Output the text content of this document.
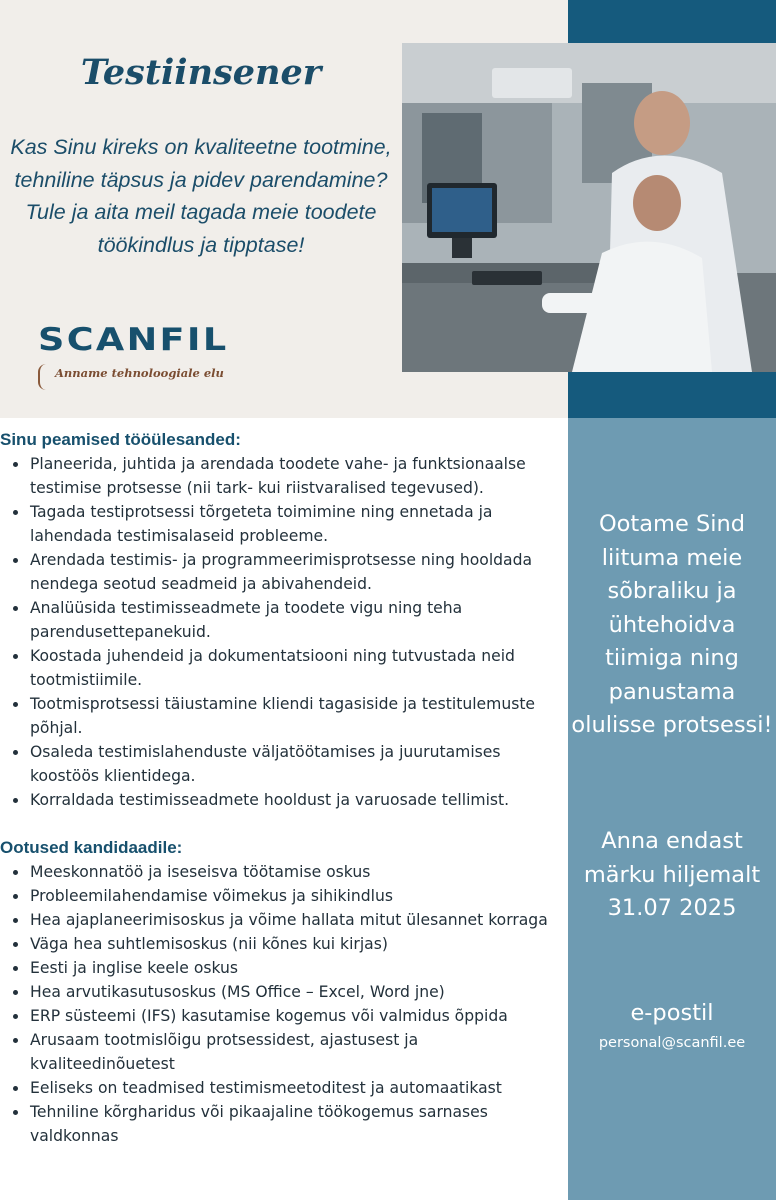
Testiinsener

Kas Sinu kireks on kvaliteetne tootmine, tehniline täpsus ja pidev parendamine? Tule ja aita meil tagada meie toodete töökindlus ja tipptase!

SCANFIL
Anname tehnoloogiale elu
Sinu peamised tööülesanded:
Planeerida, juhtida ja arendada toodete vahe- ja funktsionaalse testimise protsesse (nii tark- kui riistvaralised tegevused).
Tagada testiprotsessi tõrgeteta toimimine ning ennetada ja lahendada testimisalaseid probleeme.
Arendada testimis- ja programmeerimisprotsesse ning hooldada nendega seotud seadmeid ja abivahendeid.
Analüüsida testimisseadmete ja toodete vigu ning teha parendusettepanekuid.
Koostada juhendeid ja dokumentatsiooni ning tutvustada neid tootmistiimile.
Tootmisprotsessi täiustamine kliendi tagasiside ja testitulemuste põhjal.
Osaleda testimislahenduste väljatöötamises ja juurutamises koostöös klientidega.
Korraldada testimisseadmete hooldust ja varuosade tellimist.
Ootused kandidaadile:
Meeskonnatöö ja iseseisva töötamise oskus
Probleemilahendamise võimekus ja sihikindlus
Hea ajaplaneerimisoskus ja võime hallata mitut ülesannet korraga
Väga hea suhtlemisoskus (nii kõnes kui kirjas)
Eesti ja inglise keele oskus
Hea arvutikasutusoskus (MS Office – Excel, Word jne)
ERP süsteemi (IFS) kasutamise kogemus või valmidus õppida
Arusaam tootmislõigu protsessidest, ajastusest ja kvaliteedinõuetest
Eeliseks on teadmised testimismeetoditest ja automaatikast
Tehniline kõrgharidus või pikaajaline töökogemus sarnases valdkonnas

Ootame Sind liituma meie sõbraliku ja ühtehoidva tiimiga ning panustama olulisse protsessi!

Anna endast märku hiljemalt 31.07 2025

e-postil

personal@scanfil.ee
